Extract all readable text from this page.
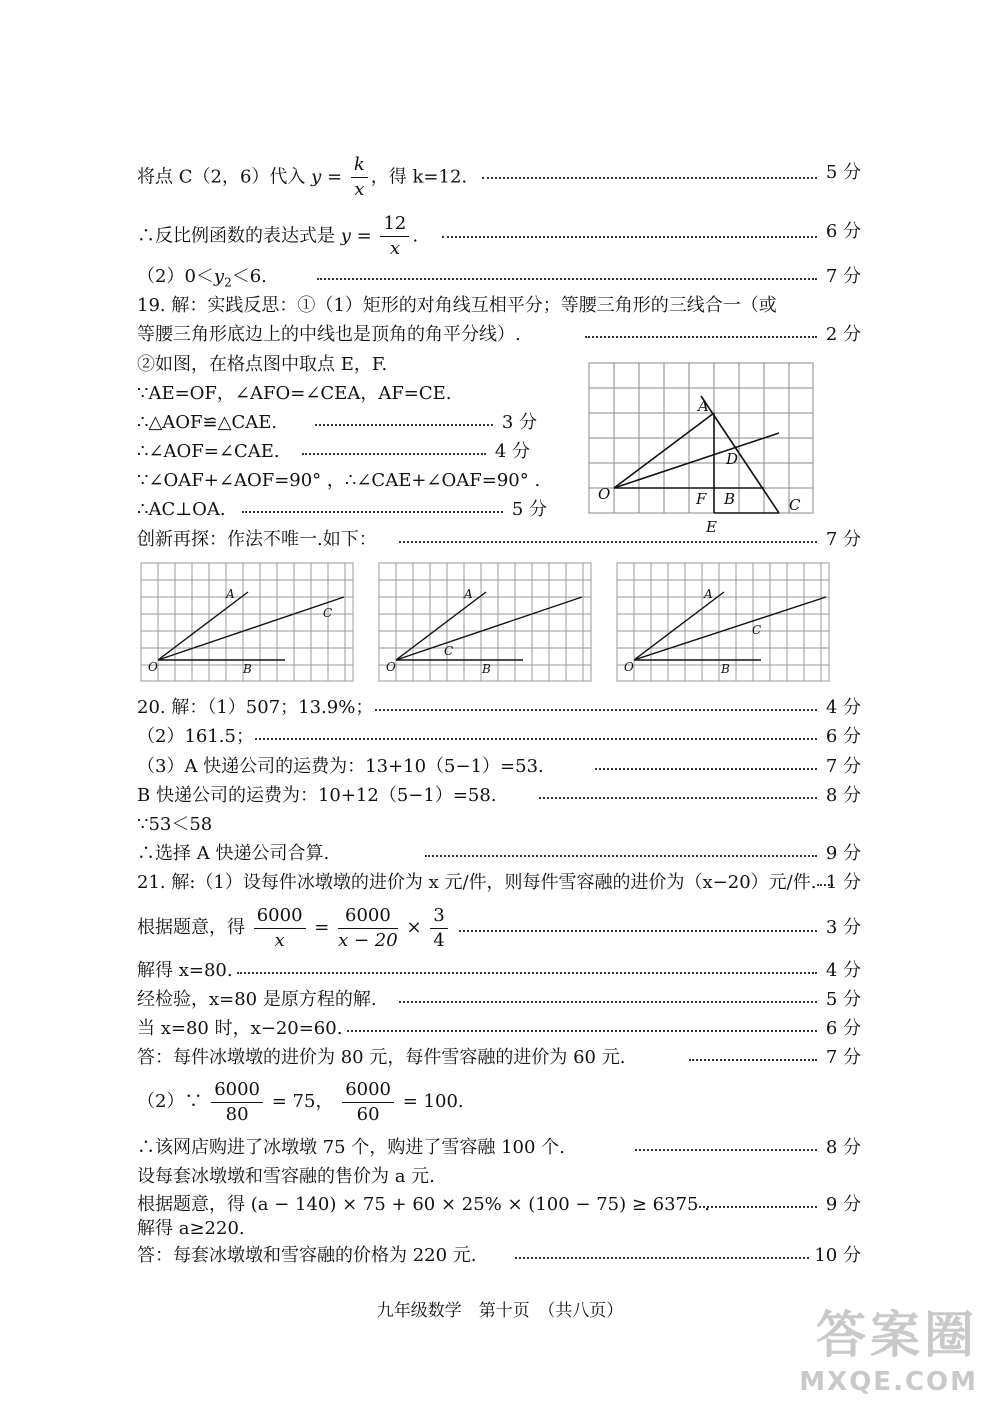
将点 C（2，6）代入 $y = \frac{k}{x}$ ，得 k=12.	5 分
∴反比例函数的表达式是 $y = \frac{12}{x}$ .	6 分
$(2)0<y_2<6$.	7 分
19. 解：实践反思：①（1）矩形的对角线互相平分；等腰三角形的三线合一（或
等腰三角形底边上的中线也是顶角的角平分线）.	2 分
②如图，在格点图中取点 E，F.
∵AE=OF，∠AFO=∠CEA，AF=CE.
∴△AOF≌△CAE.	3 分
∴∠AOF=∠CAE.	4 分
∵∠OAF+∠AOF=90° ，∴∠CAE+∠OAF=90° .
∴AC⊥OA.	5 分
创新再探：作法不唯一.如下：	7 分
A
D
O	F B	C
E
A
C
O	B
A
C
O	B
A
C
O	B
20. 解：（1）507；13.9%；	4 分
（2）161.5；	6 分
（3）A 快递公司的运费为：13+10（5−1）=53.	7 分
B 快递公司的运费为：10+12（5−1）=58.	8 分
∵53＜58
∴选择 A 快递公司合算.	9 分
21. 解:（1）设每件冰墩墩的进价为 x 元/件，则每件雪容融的进价为（x−20）元/件. 1 分
根据题意，得 $\frac{6000}{x} = \frac{6000}{x - 20} \times \frac{3}{4}$	3 分
解得 x=80.	4 分
经检验，x=80 是原方程的解.	5 分
当 x=80 时，x−20=60.	6 分
答：每件冰墩墩的进价为 80 元，每件雪容融的进价为 60 元.	7 分
（2）∵ $\frac{6000}{80} = 75$， $\frac{6000}{60} = 100$.
∴该网店购进了冰墩墩 75 个，购进了雪容融 100 个.	8 分
设每套冰墩墩和雪容融的售价为 a 元.
根据题意，得 (a − 140) × 75 + 60 × 25% × (100 − 75) ≥ 6375 .	9 分
解得 a≥220.
答：每套冰墩墩和雪容融的价格为 220 元.	10 分
九年级数学　第十页　（共八页）	答案圈
MXQE.COM
